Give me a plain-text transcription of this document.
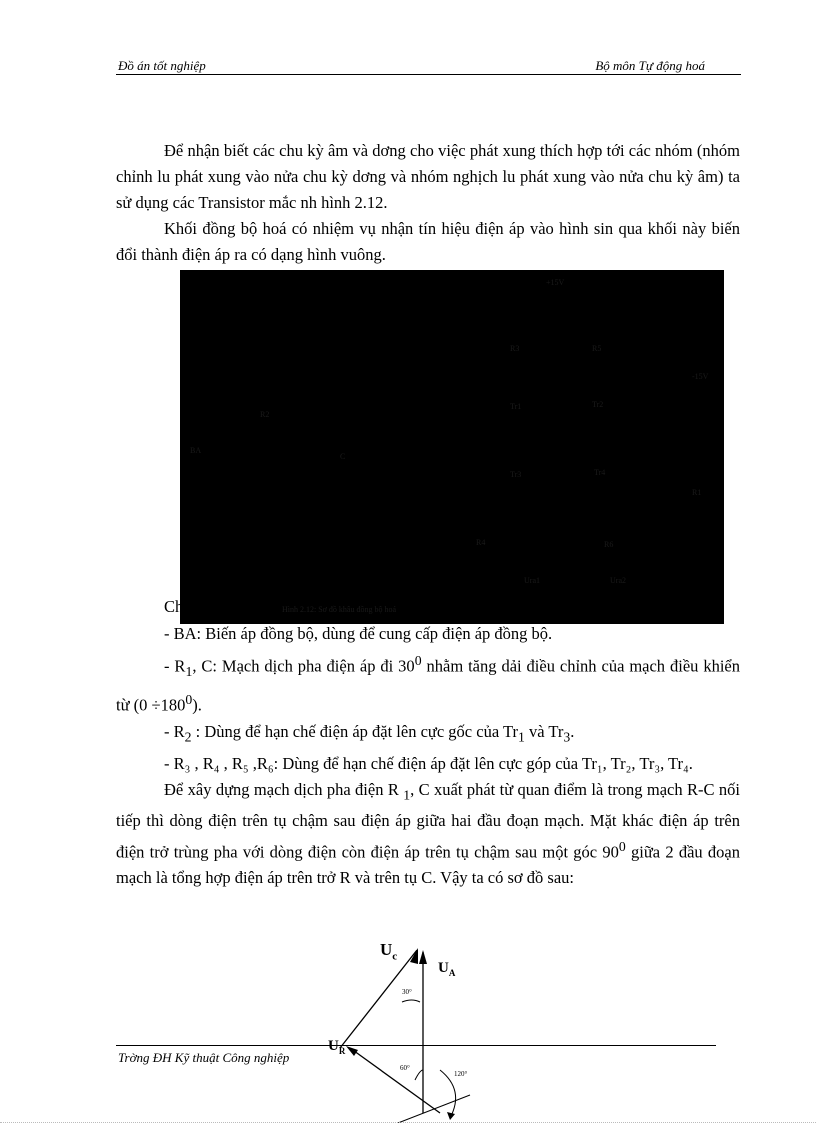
Đồ án tốt nghiệp	Bộ môn Tự động hoá

Để nhận biết các chu kỳ âm và dơng cho việc phát xung thích hợp tới các nhóm (nhóm chỉnh lu phát xung vào nửa chu kỳ dơng và nhóm nghịch lu phát xung vào nửa chu kỳ âm) ta sử dụng các Transistor mắc nh hình 2.12.

Khối đồng bộ hoá có nhiệm vụ nhận tín hiệu điện áp vào hình sin qua khối này biến đổi thành điện áp ra có dạng hình vuông.

+15V
R3	R5
-15V
Tr1	Tr2
Tr3	Tr4
R4	R6
Ura1	Ura2
R1
R2
C
BA
Ch	Hình 2.12: Sơ đồ khâu đồng bộ hoá

- BA: Biến áp đồng bộ, dùng để cung cấp điện áp đồng bộ.

- $R_1$, C: Mạch dịch pha điện áp đi $30^0$ nhằm tăng dải điều chỉnh của mạch điều khiển từ $(0 \div 180^0)$.

- $R_2$ : Dùng để hạn chế điện áp đặt lên cực gốc của $Tr_1$ và $Tr_3$.

- R₃ , R₄ , R₅ ,R₆: Dùng để hạn chế điện áp đặt lên cực góp của Tr₁, Tr₂, Tr₃, Tr₄.

Để xây dựng mạch dịch pha điện R $_1$, C xuất phát từ quan điểm là trong mạch R-C nối tiếp thì dòng điện trên tụ chậm sau điện áp giữa hai đầu đoạn mạch. Mặt khác điện áp trên điện trở trùng pha với dòng điện còn điện áp trên tụ chậm sau một góc $90^0$ giữa 2 đầu đoạn mạch là tổng hợp điện áp trên trở R và trên tụ C. Vậy ta có sơ đồ sau:

$U_c$
$U_A$
$U_R$
30°
60°
120°
Trờng ĐH Kỹ thuật Công nghiệp
